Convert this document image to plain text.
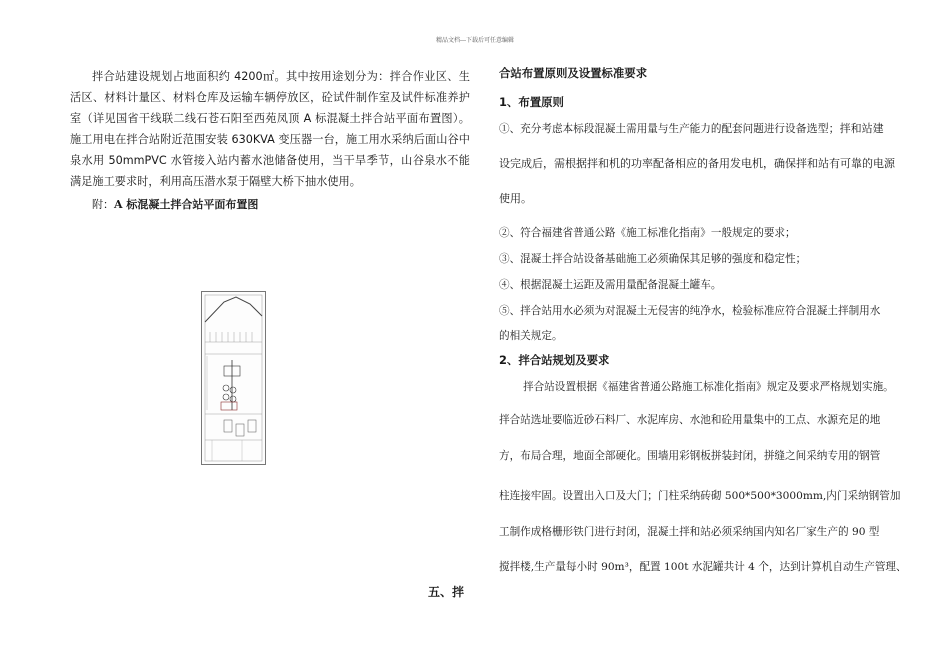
精品文档---下载后可任意编辑

拌合站建设规划占地面积约 4200㎡。其中按用途划分为：拌合作业区、生活区、材料计量区、材料仓库及运输车辆停放区，砼试件制作室及试件标准养护室（详见国省干线联二线石苍石阳至西苑凤顶 A 标混凝土拌合站平面布置图）。施工用电在拌合站附近范围安装 630KVA 变压器一台，施工用水采纳后面山谷中泉水用 50mmPVC 水管接入站内蓄水池储备使用，当干旱季节，山谷泉水不能满足施工要求时，利用高压潜水泵于隔壁大桥下抽水使用。

附：A 标混凝土拌合站平面布置图

合站布置原则及设置标准要求
1、布置原则
①、充分考虑本标段混凝土需用量与生产能力的配套问题进行设备选型；拌和站建
设完成后，需根据拌和机的功率配备相应的备用发电机，确保拌和站有可靠的电源
使用。
②、符合福建省普通公路《施工标准化指南》一般规定的要求；
③、混凝土拌合站设备基础施工必须确保其足够的强度和稳定性；
④、根据混凝土运距及需用量配备混凝土罐车。
⑤、拌合站用水必须为对混凝土无侵害的纯净水，检验标准应符合混凝土拌制用水
的相关规定。
2、拌合站规划及要求
拌合站设置根据《福建省普通公路施工标准化指南》规定及要求严格规划实施。
拌合站选址要临近砂石料厂、水泥库房、水池和砼用量集中的工点、水源充足的地
方，布局合理，地面全部硬化。围墙用彩钢板拼装封闭，拼缝之间采纳专用的钢管
柱连接牢固。设置出入口及大门；门柱采纳砖砌 500*500*3000mm,内门采纳钢管加
工制作成格栅形铁门进行封闭，混凝土拌和站必须采纳国内知名厂家生产的 90 型
搅拌楼,生产量每小时 90m³，配置 100t 水泥罐共计 4 个，达到计算机自动生产管理、
五、拌
